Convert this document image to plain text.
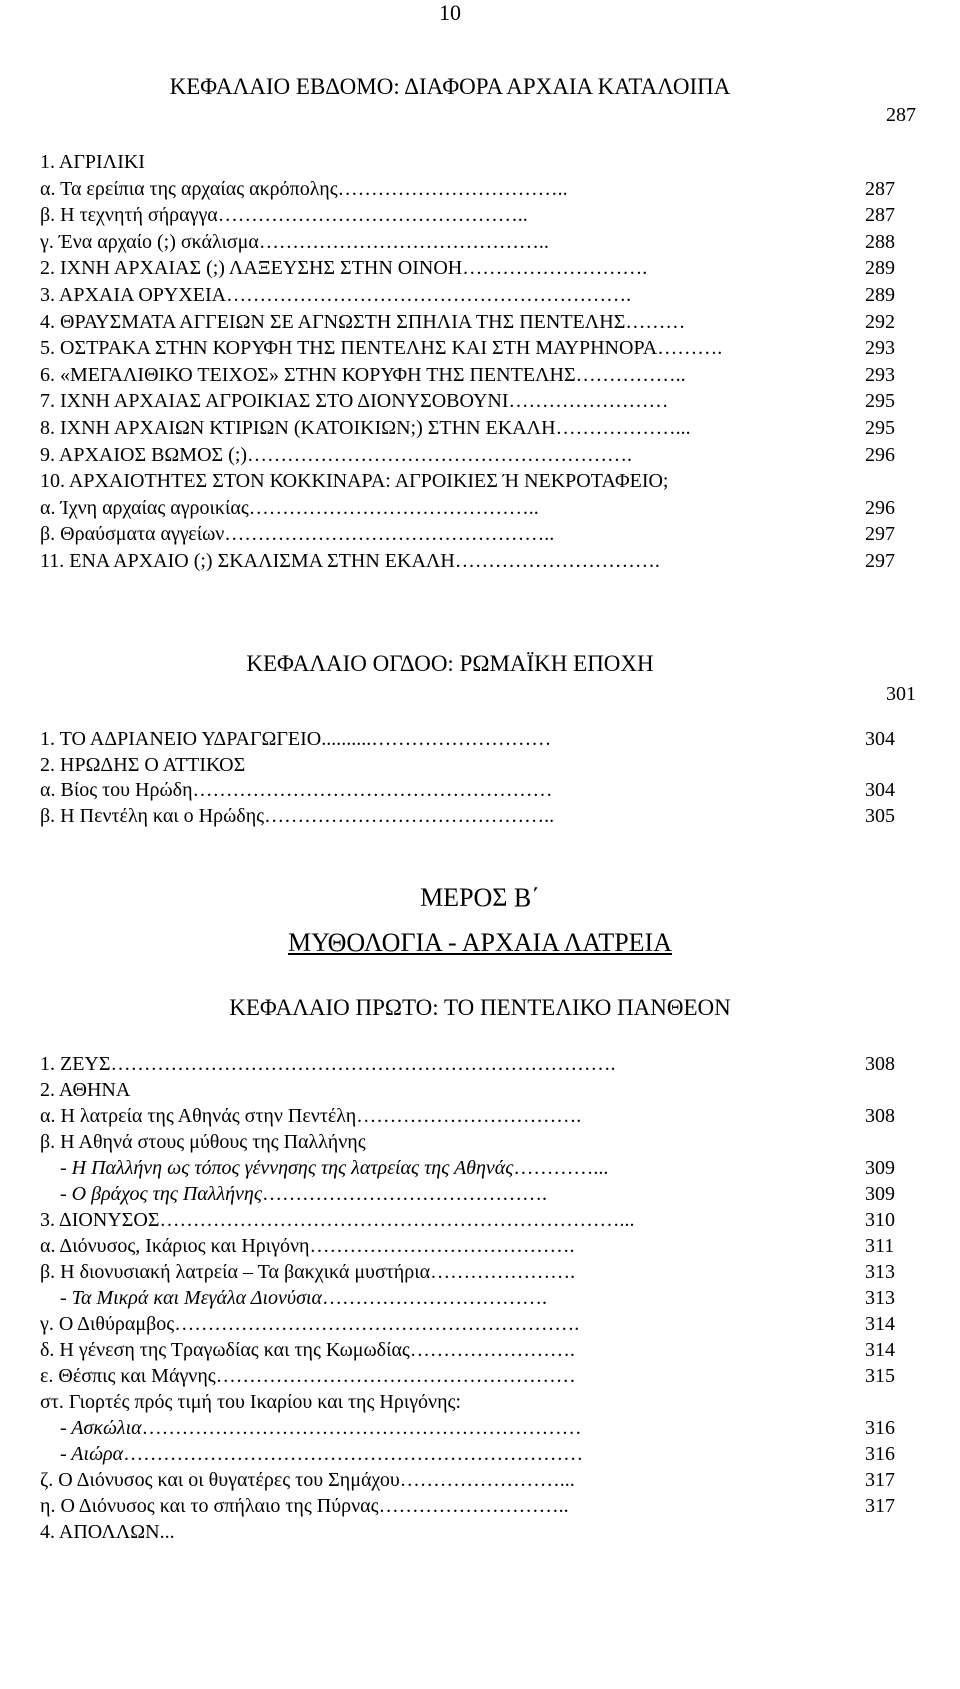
10
ΚΕΦΑΛΑΙΟ ΕΒΔΟΜΟ: ΔΙΑΦΟΡΑ ΑΡΧΑΙΑ ΚΑΤΑΛΟΙΠΑ
287
1. ΑΓΡΙΛΙΚΙ
α. Τα ερείπια της αρχαίας ακρόπολης ……………………………..	287
β. Η τεχνητή σήραγγα ………………………………………..	287
γ. Ένα αρχαίο (;) σκάλισμα ……………………………………..	288
2. ΙΧΝΗ ΑΡΧΑΙΑΣ (;) ΛΑΞΕΥΣΗΣ ΣΤΗΝ ΟΙΝΟΗ ……………………….	289
3. ΑΡΧΑΙΑ ΟΡΥΧΕΙΑ …………………………………………………….	289
4. ΘΡΑΥΣΜΑΤΑ ΑΓΓΕΙΩΝ ΣΕ ΑΓΝΩΣΤΗ ΣΠΗΛΙΑ ΤΗΣ ΠΕΝΤΕΛΗΣ ………	292
5. ΟΣΤΡΑΚΑ ΣΤΗΝ ΚΟΡΥΦΗ ΤΗΣ ΠΕΝΤΕΛΗΣ ΚΑΙ ΣΤΗ ΜΑΥΡΗΝΟΡΑ ……….	293
6. «ΜΕΓΑΛΙΘΙΚΟ ΤΕΙΧΟΣ» ΣΤΗΝ ΚΟΡΥΦΗ ΤΗΣ ΠΕΝΤΕΛΗΣ ……………..	293
7. ΙΧΝΗ ΑΡΧΑΙΑΣ ΑΓΡΟΙΚΙΑΣ ΣΤΟ ΔΙΟΝΥΣΟΒΟΥΝΙ ……………………	295
8. ΙΧΝΗ ΑΡΧΑΙΩΝ ΚΤΙΡΙΩΝ (ΚΑΤΟΙΚΙΩΝ;) ΣΤΗΝ ΕΚΑΛΗ ………………...	295
9. ΑΡΧΑΙΟΣ ΒΩΜΟΣ (;) ………………………………………………….	296
10. ΑΡΧΑΙΟΤΗΤΕΣ ΣΤΟΝ ΚΟΚΚΙΝΑΡΑ: ΑΓΡΟΙΚΙΕΣ Ή ΝΕΚΡΟΤΑΦΕΙΟ;
α. Ίχνη αρχαίας αγροικίας ……………………………………..	296
β. Θραύσματα αγγείων …………………………………………..	297
11. ΕΝΑ ΑΡΧΑΙΟ (;) ΣΚΑΛΙΣΜΑ ΣΤΗΝ ΕΚΑΛΗ ………………………….	297
ΚΕΦΑΛΑΙΟ ΟΓΔΟΟ: ΡΩΜΑΪΚΗ ΕΠΟΧΗ
301
1. ΤΟ ΑΔΡΙΑΝΕΙΟ ΥΔΡΑΓΩΓΕΙΟ ..........………………………	304
2. ΗΡΩΔΗΣ Ο ΑΤΤΙΚΟΣ
α. Βίος του Ηρώδη ………………………………………………	304
β. Η Πεντέλη και ο Ηρώδης ……………………………………..	305
ΜΕΡΟΣ Β΄
ΜΥΘΟΛΟΓΙΑ - ΑΡΧΑΙΑ ΛΑΤΡΕΙΑ
ΚΕΦΑΛΑΙΟ ΠΡΩΤΟ: ΤΟ ΠΕΝΤΕΛΙΚΟ ΠΑΝΘΕΟΝ
1. ΖΕΥΣ ………………………………………………………………….	308
2. ΑΘΗΝΑ
α. Η λατρεία της Αθηνάς στην Πεντέλη …………………………….	308
β. Η Αθηνά στους μύθους της Παλλήνης
- Η Παλλήνη ως τόπος γέννησης της λατρείας της Αθηνάς …………...	309
- Ο βράχος της Παλλήνης …………………………………….	309
3. ΔΙΟΝΥΣΟΣ ……………………………………………………………...	310
α. Διόνυσος, Ικάριος και Ηριγόνη ………………………………….	311
β. Η διονυσιακή λατρεία – Τα βακχικά μυστήρια ………………….	313
- Τα Μικρά και Μεγάλα Διονύσια …………………………….	313
γ. Ο Διθύραμβος …………………………………………………….	314
δ. Η γένεση της Τραγωδίας και της Κωμωδίας …………………….	314
ε. Θέσπις και Μάγνης ………………………………………………	315
στ. Γιορτές πρός τιμή του Ικαρίου και της Ηριγόνης:
- Ασκώλια …………………………………………………………	316
- Αιώρα ……………………………………………………………	316
ζ. Ο Διόνυσος και οι θυγατέρες του Σημάχου ……………………...	317
η. Ο Διόνυσος και το σπήλαιο της Πύρνας ………………………..	317
4. ΑΠΟΛΛΩΝ ...
